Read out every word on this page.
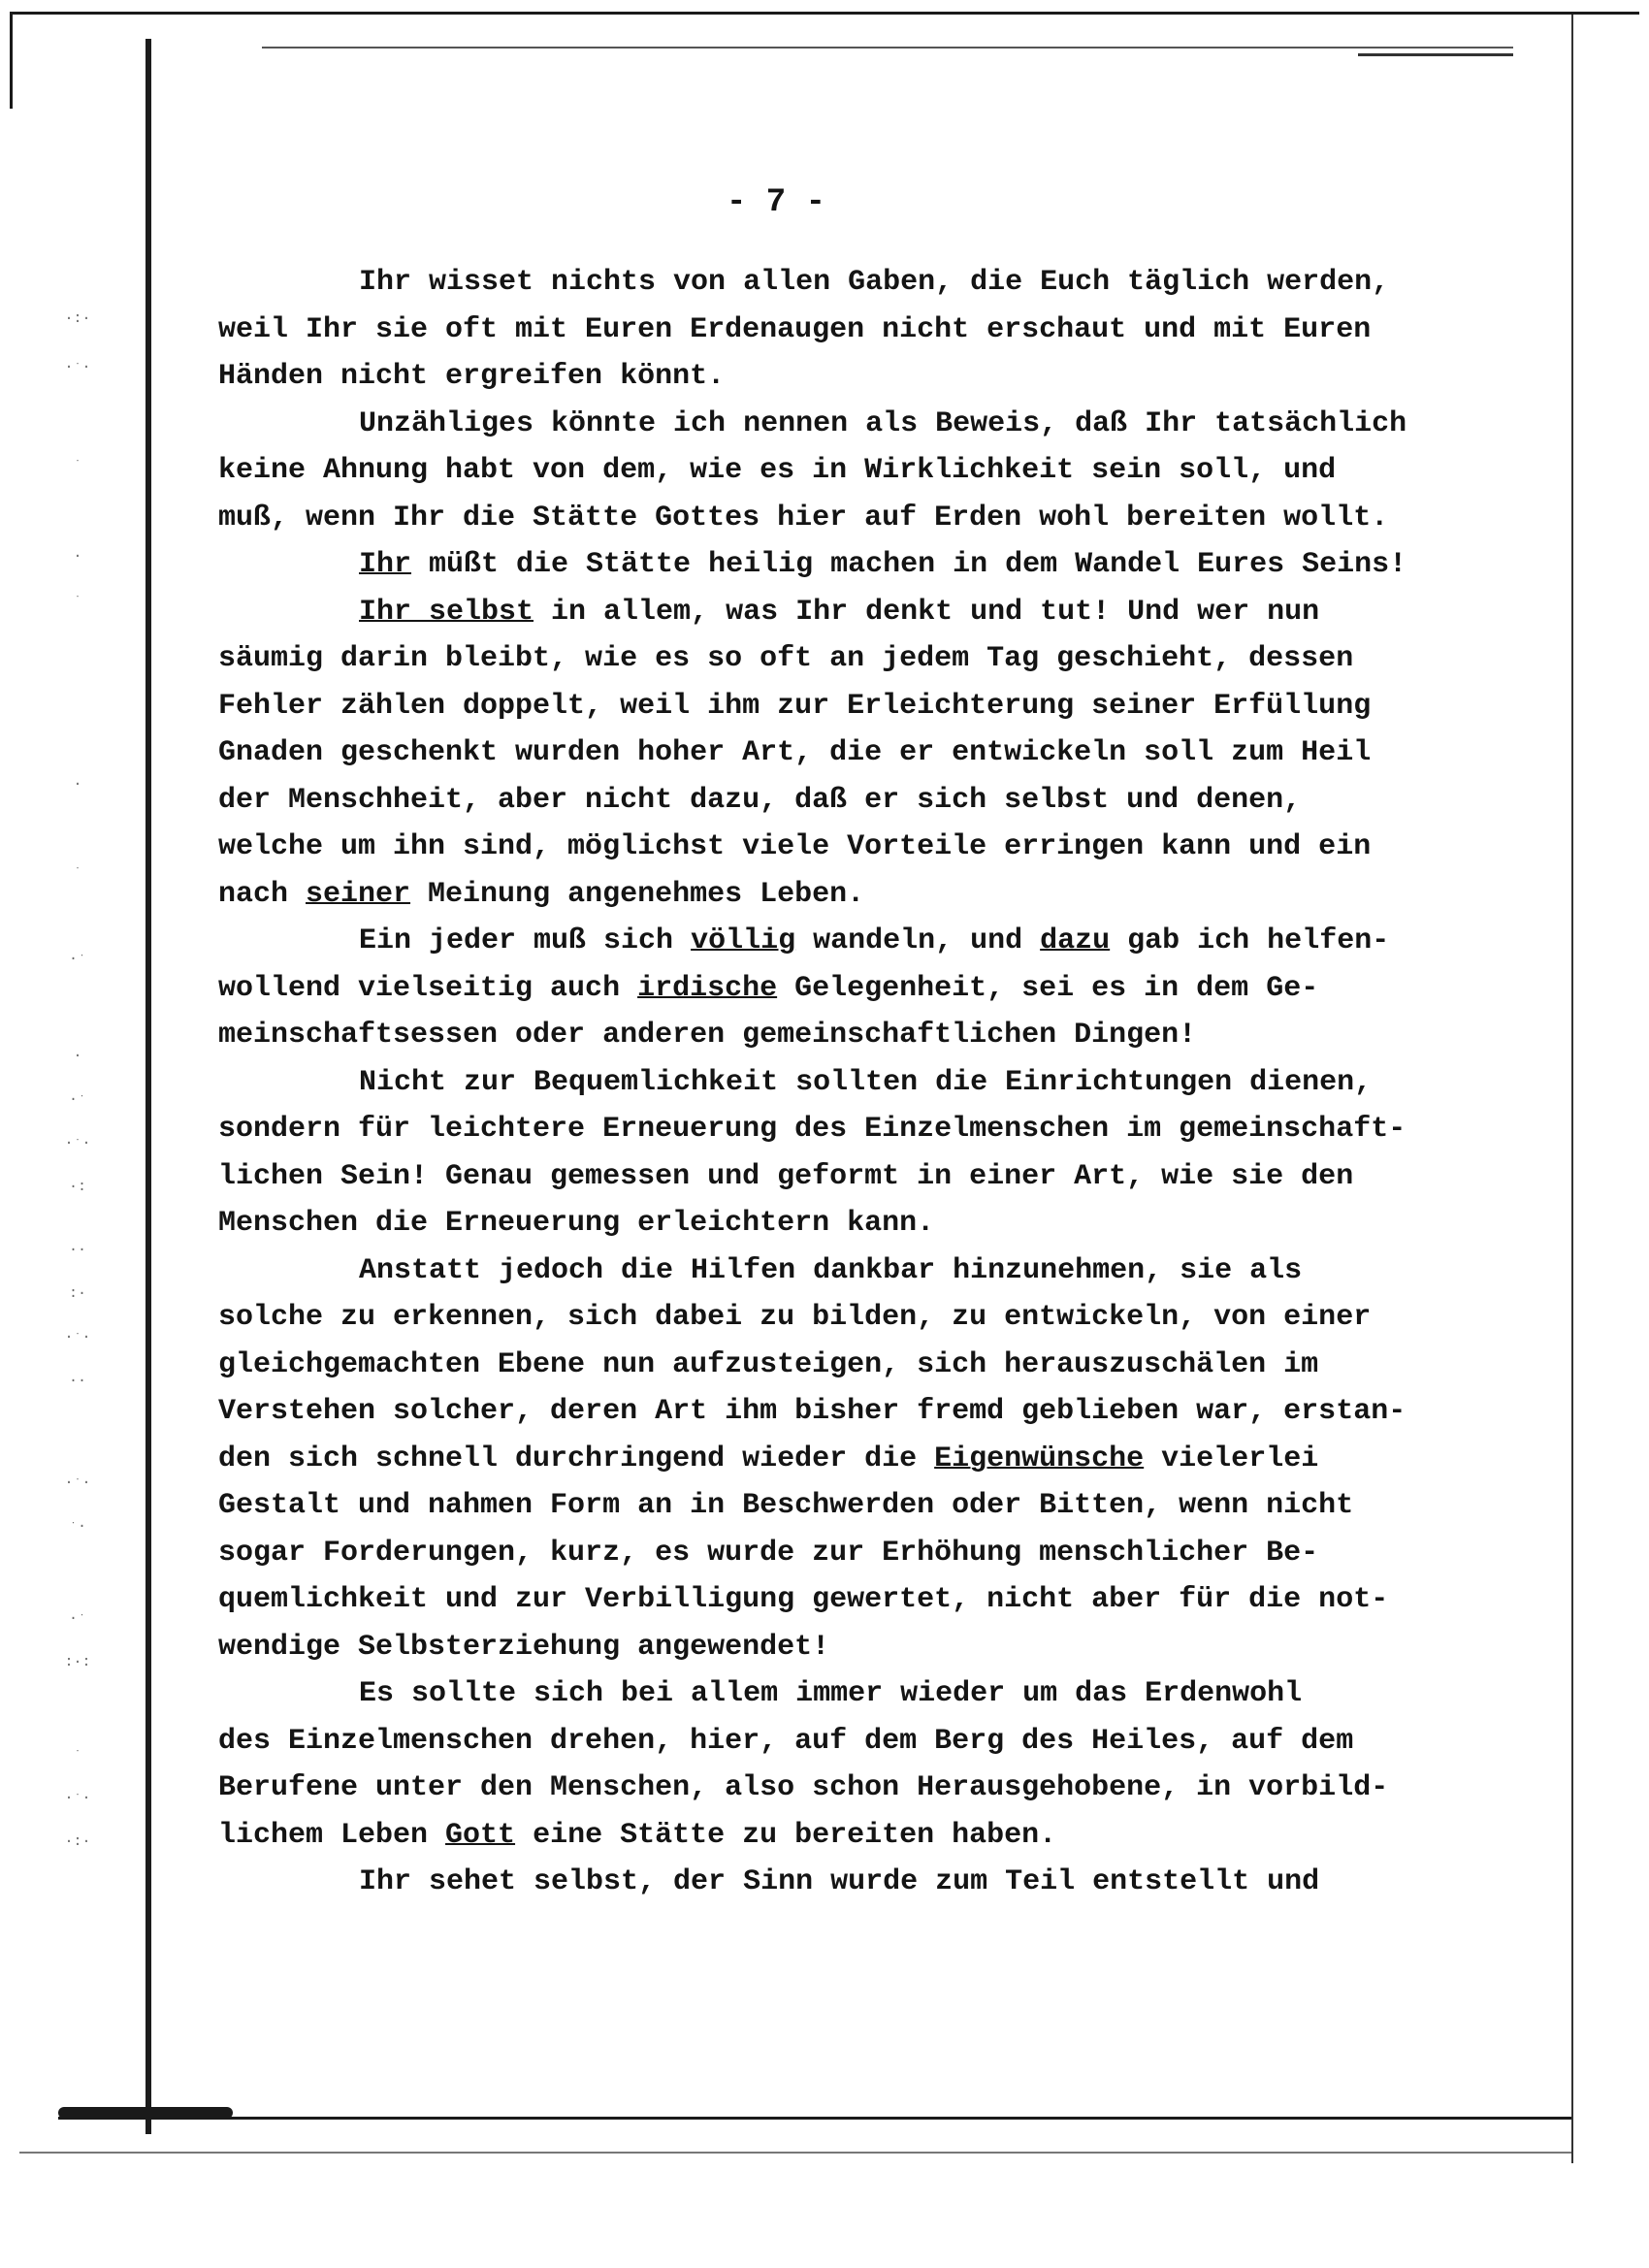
·:·
·ˑ·
ˑ
·
ˑ
·
ˑ
·ˑ
·
·ˑ
·ˑ·
·:
··
:·
·ˑ·
··
·ˑ·
ˑ·
·ˑ
:·:
ˑ
·ˑ·
·:·
- 7 -
Ihr wisset nichts von allen Gaben, die Euch täglich werden,
weil Ihr sie oft mit Euren Erdenaugen nicht erschaut und mit Euren
Händen nicht ergreifen könnt.
Unzähliges könnte ich nennen als Beweis, daß Ihr tatsächlich
keine Ahnung habt von dem, wie es in Wirklichkeit sein soll, und
muß, wenn Ihr die Stätte Gottes hier auf Erden wohl bereiten wollt.
Ihr müßt die Stätte heilig machen in dem Wandel Eures Seins!
Ihr selbst in allem, was Ihr denkt und tut! Und wer nun
säumig darin bleibt, wie es so oft an jedem Tag geschieht, dessen
Fehler zählen doppelt, weil ihm zur Erleichterung seiner Erfüllung
Gnaden geschenkt wurden hoher Art, die er entwickeln soll zum Heil
der Menschheit, aber nicht dazu, daß er sich selbst und denen,
welche um ihn sind, möglichst viele Vorteile erringen kann und ein
nach seiner Meinung angenehmes Leben.
Ein jeder muß sich völlig wandeln, und dazu gab ich helfen-
wollend vielseitig auch irdische Gelegenheit, sei es in dem Ge-
meinschaftsessen oder anderen gemeinschaftlichen Dingen!
Nicht zur Bequemlichkeit sollten die Einrichtungen dienen,
sondern für leichtere Erneuerung des Einzelmenschen im gemeinschaft-
lichen Sein! Genau gemessen und geformt in einer Art, wie sie den
Menschen die Erneuerung erleichtern kann.
Anstatt jedoch die Hilfen dankbar hinzunehmen, sie als
solche zu erkennen, sich dabei zu bilden, zu entwickeln, von einer
gleichgemachten Ebene nun aufzusteigen, sich herauszuschälen im
Verstehen solcher, deren Art ihm bisher fremd geblieben war, erstan-
den sich schnell durchringend wieder die Eigenwünsche vielerlei
Gestalt und nahmen Form an in Beschwerden oder Bitten, wenn nicht
sogar Forderungen, kurz, es wurde zur Erhöhung menschlicher Be-
quemlichkeit und zur Verbilligung gewertet, nicht aber für die not-
wendige Selbsterziehung angewendet!
Es sollte sich bei allem immer wieder um das Erdenwohl
des Einzelmenschen drehen, hier, auf dem Berg des Heiles, auf dem
Berufene unter den Menschen, also schon Herausgehobene, in vorbild-
lichem Leben Gott eine Stätte zu bereiten haben.
Ihr sehet selbst, der Sinn wurde zum Teil entstellt und
